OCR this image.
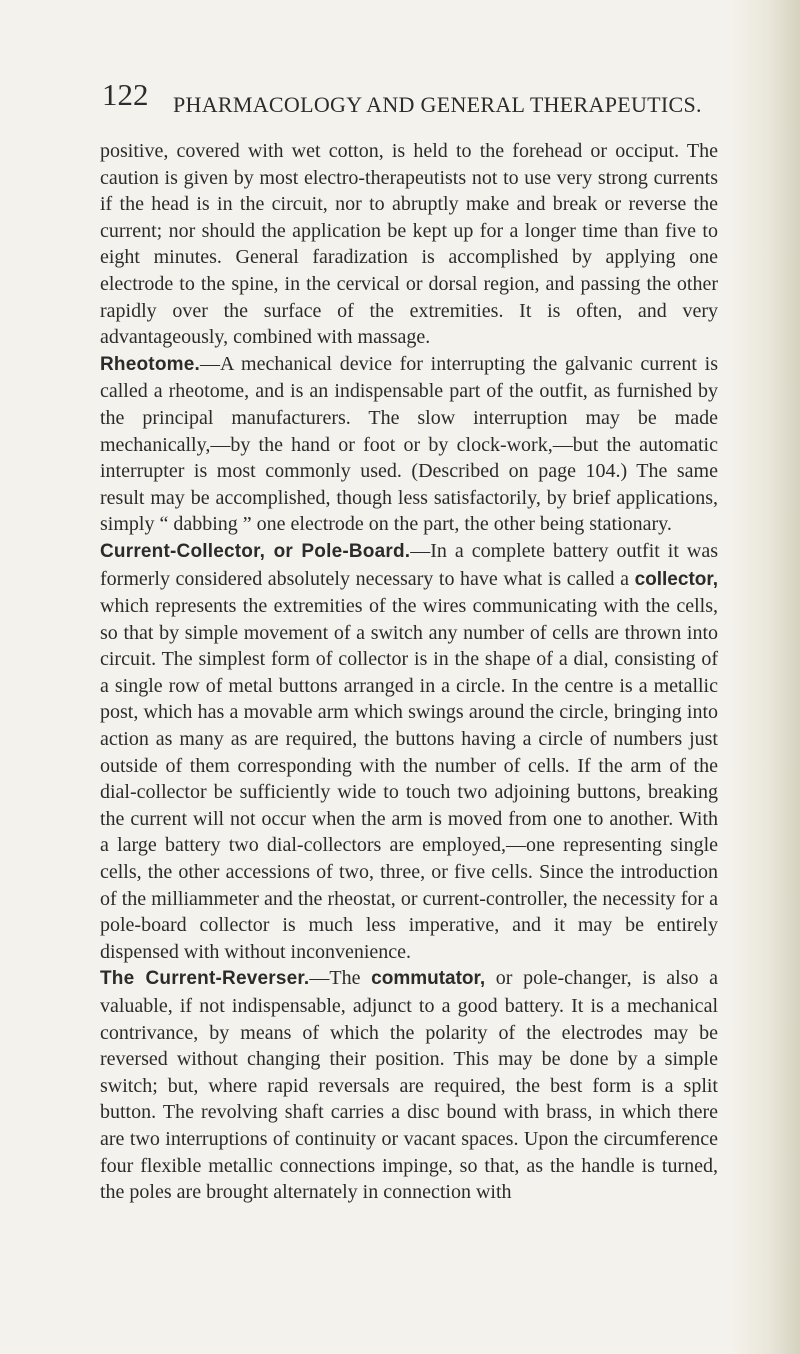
122 PHARMACOLOGY AND GENERAL THERAPEUTICS.

positive, covered with wet cotton, is held to the forehead or occiput. The caution is given by most electro-therapeutists not to use very strong currents if the head is in the circuit, nor to abruptly make and break or reverse the current; nor should the application be kept up for a longer time than five to eight minutes. General faradization is accomplished by applying one electrode to the spine, in the cervical or dorsal region, and passing the other rapidly over the surface of the extremities. It is often, and very advantageously, combined with massage.

Rheotome.—A mechanical device for interrupting the galvanic current is called a rheotome, and is an indispensable part of the outfit, as furnished by the principal manufacturers. The slow interruption may be made mechanically,—by the hand or foot or by clock-work,—but the automatic interrupter is most commonly used. (Described on page 104.) The same result may be accomplished, though less satisfactorily, by brief applications, simply “ dabbing ” one electrode on the part, the other being stationary.

Current-Collector, or Pole-Board.—In a complete battery outfit it was formerly considered absolutely necessary to have what is called a collector, which represents the extremities of the wires communicating with the cells, so that by simple movement of a switch any number of cells are thrown into circuit. The simplest form of collector is in the shape of a dial, consisting of a single row of metal buttons arranged in a circle. In the centre is a metallic post, which has a movable arm which swings around the circle, bringing into action as many as are required, the buttons having a circle of numbers just outside of them corresponding with the number of cells. If the arm of the dial-collector be sufficiently wide to touch two adjoining buttons, breaking the current will not occur when the arm is moved from one to another. With a large battery two dial-collectors are employed,—one representing single cells, the other accessions of two, three, or five cells. Since the introduction of the milliammeter and the rheostat, or current-controller, the necessity for a pole-board collector is much less imperative, and it may be entirely dispensed with without inconvenience.

The Current-Reverser.—The commutator, or pole-changer, is also a valuable, if not indispensable, adjunct to a good battery. It is a mechanical contrivance, by means of which the polarity of the electrodes may be reversed without changing their position. This may be done by a simple switch; but, where rapid reversals are required, the best form is a split button. The revolving shaft carries a disc bound with brass, in which there are two interruptions of continuity or vacant spaces. Upon the circumference four flexible metallic connections impinge, so that, as the handle is turned, the poles are brought alternately in connection with
